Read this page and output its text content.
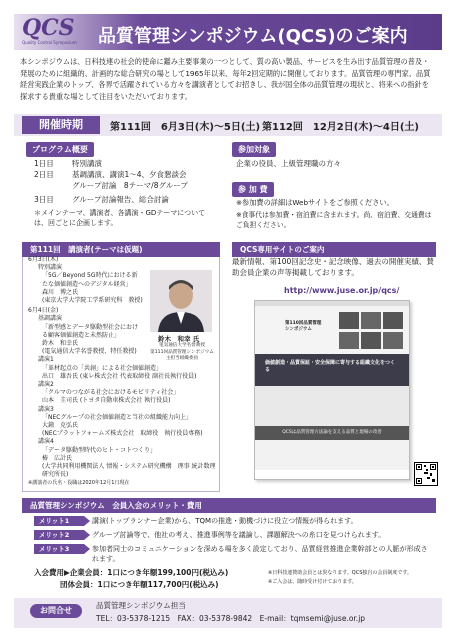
QCS
Quality Control Symposium	品質管理シンポジウム(QCS)のご案内
本シンポジウムは、日科技連の社会的使命に鑑み主要事業の一つとして、質の高い製品、サービスを生み出す品質管理の普及・発展のために組織的、計画的な総合研究の場として1965年以来、毎年2回定期的に開催しております。品質管理の専門家、品質経営実践企業のトップ、各界で活躍されている方々を講演者としてお招きし、我が国全体の品質管理の現状と、将来への指針を探求する貴重な場として注目をいただいております。
開催時期	第111回　6月3日(木)～5日(土) 第112回　12月2日(木)～4日(土)
プログラム概要
1日目	特別講演
2日目	基調講演、講演1～4、夕食懇談会
グループ討論　8テーマ/8グループ
3日目	グループ討論報告、総合討論
＊メインテーマ、講演者、各講演・GDテーマについては、回ごとに企画します。
参加対象
企業の役員、上級管理職の方々
参 加 費
※参加費の詳細はWebサイトをご参照ください。
※食事代は参加費・宿泊費に含まれます。尚、宿泊費、交通費は ご負担ください。
第111回　講演者(テーマは仮題)
6月3日(木)
特別講演
「5G／Beyond 5G時代における新たな価値創造へのデジタル経営」
森川　博之氏
(東京大学大学院工学系研究科　教授)
6月4日(金)
基調講演
「新型感とデータ駆動型社会における顧客価値創造と未然防止」
鈴木　和幸氏
(電気通信大学名誉教授、特任教授)
講演1
「革材起点の「共創」による社会価値創造」
出口　雄吾氏 (東レ株式会社 代表取締役 副社長執行役員)
講演2
「クルマのつながる社会におけるモビリティ社会」
山本　圭司氏 (トヨタ自動車株式会社 執行役員)
講演3
「NECグループの社会価値創造と当社の組織能力向上」
大鐘　克弘氏
(NECプラットフォームズ株式会社　取締役　執行役員専務)
講演4
「データ駆動型時代のヒト・コトつくり」
椿　広計氏
(大学共同利用機関法人 情報・システム研究機構　理事 統計数理研究所長)
※講演者の氏名・役職は2020年12月1日現在
鈴木　和幸 氏
電気通信大学名誉教授
第111回品質管理シンポジウム
主担当組織委員
QCS専用サイトのご案内
最新情報、第100回記念史・記念映像、過去の開催実績、賛助会員企業の声等掲載しております。
http://www.juse.or.jp/qcs/
第110回品質管理シンポジウム
価値創造・品質保証・安全保障に寄与する組織文化をつくる
QCSは品質管理方法論を支える品質と現場の改善
品質管理シンポジウム　会員入会のメリット・費用
メリット1	講演(トップランナー企業)から、TQMの推進・動機づけに役立つ情報が得られます。
メリット2	グループ討論等で、他社の考え、推進事例等を議論し、課題解決への糸口を見つけられます。
メリット3	参加者同士のコミュニケーションを深める場を多く設定しており、品質経営推進企業幹部との人脈が形成されます。
入会費用▶企業会員：1口につき年額199,100円(税込み)
団体会員：1口につき年額117,700円(税込み)
※日科技連賛助会員とは異なります。QCS独自の会員制度です。
※ご入会は、随時受け付けております。
お問合せ
品質管理シンポジウム担当
TEL：03-5378-1215　FAX：03-5378-9842　E-mail：tqmsemi@juse.or.jp
